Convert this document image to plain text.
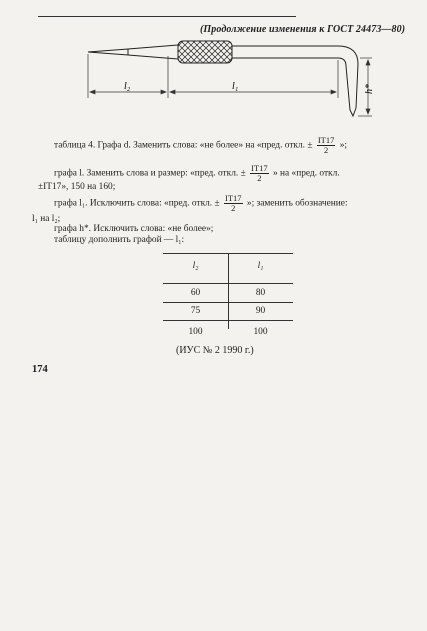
(Продолжение изменения к ГОСТ 24473—80)
l₂	l₁	h*
таблица 4. Графа d. Заменить слова: «не более» на «пред. откл. ± $\frac{IT17}{2}$ »;
графа l. Заменить слова и размер: «пред. откл. ± $\frac{IT17}{2}$ » на «пред. откл.
±IT17», 150 на 160;
графа l₁. Исключить слова: «пред. откл. ± $\frac{IT17}{2}$ »; заменить обозначение:
l₁ на l₂;
графа h*. Исключить слова: «не более»;
таблицу дополнить графой — l₁:
l₂	l₁
60	80
75	90
100	100
(ИУС № 2 1990 г.)
174
